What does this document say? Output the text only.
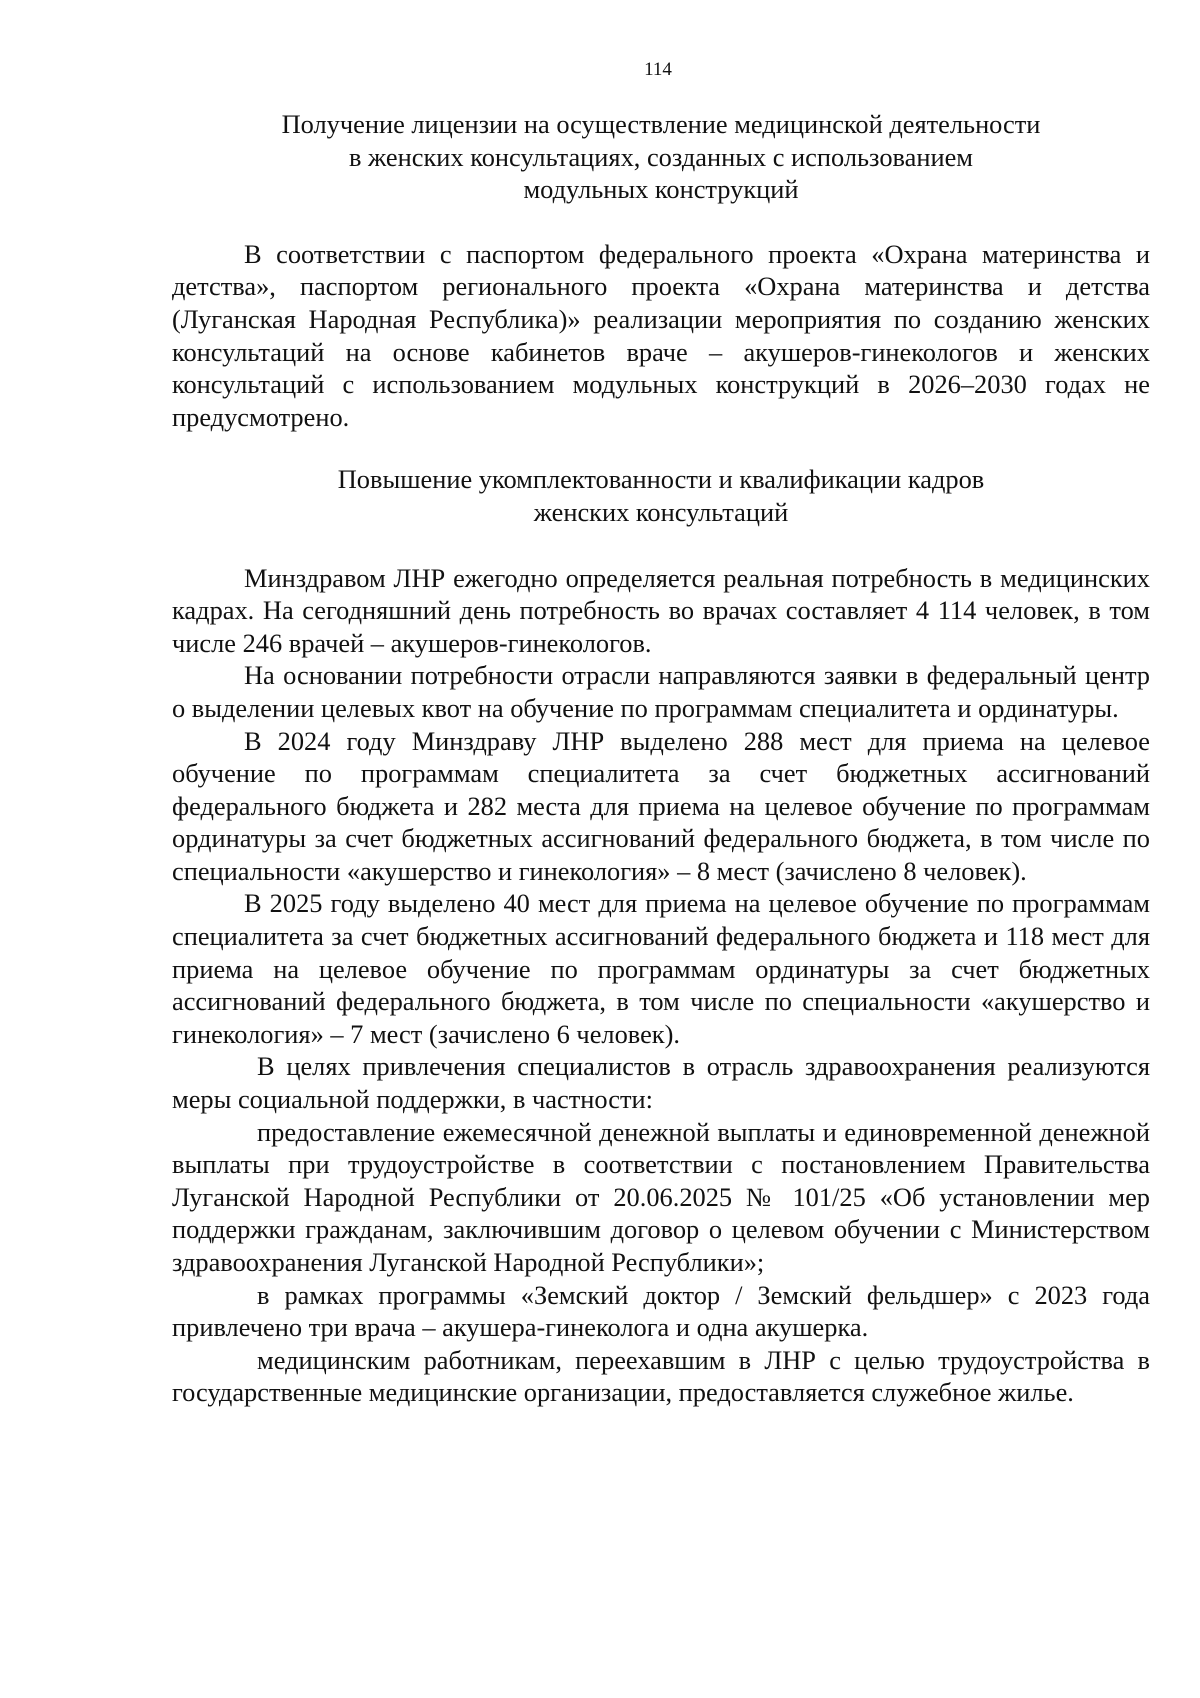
114
Получение лицензии на осуществление медицинской деятельности
в женских консультациях, созданных с использованием
модульных конструкций

В соответствии с паспортом федерального проекта «Охрана материнства и детства», паспортом регионального проекта «Охрана материнства и детства (Луганская Народная Республика)» реализации мероприятия по созданию женских консультаций на основе кабинетов враче – акушеров-гинекологов и женских консультаций с использованием модульных конструкций в 2026–2030 годах не предусмотрено.

Повышение укомплектованности и квалификации кадров
женских консультаций

Минздравом ЛНР ежегодно определяется реальная потребность в медицинских кадрах. На сегодняшний день потребность во врачах составляет 4 114 человек, в том числе 246 врачей – акушеров-гинекологов.

На основании потребности отрасли направляются заявки в федеральный центр о выделении целевых квот на обучение по программам специалитета и ординатуры.

В 2024 году Минздраву ЛНР выделено 288 мест для приема на целевое обучение по программам специалитета за счет бюджетных ассигнований федерального бюджета и 282 места для приема на целевое обучение по программам ординатуры за счет бюджетных ассигнований федерального бюджета, в том числе по специальности «акушерство и гинекология» – 8 мест (зачислено 8 человек).

В 2025 году выделено 40 мест для приема на целевое обучение по программам специалитета за счет бюджетных ассигнований федерального бюджета и 118 мест для приема на целевое обучение по программам ординатуры за счет бюджетных ассигнований федерального бюджета, в том числе по специальности «акушерство и гинекология» – 7 мест (зачислено 6 человек).

В целях привлечения специалистов в отрасль здравоохранения реализуются меры социальной поддержки, в частности:

предоставление ежемесячной денежной выплаты и единовременной денежной выплаты при трудоустройстве в соответствии с постановлением Правительства Луганской Народной Республики от 20.06.2025 № 101/25 «Об установлении мер поддержки гражданам, заключившим договор о целевом обучении с Министерством здравоохранения Луганской Народной Республики»;

в рамках программы «Земский доктор / Земский фельдшер» с 2023 года привлечено три врача – акушера-гинеколога и одна акушерка.

медицинским работникам, переехавшим в ЛНР с целью трудоустройства в государственные медицинские организации, предоставляется служебное жилье.
